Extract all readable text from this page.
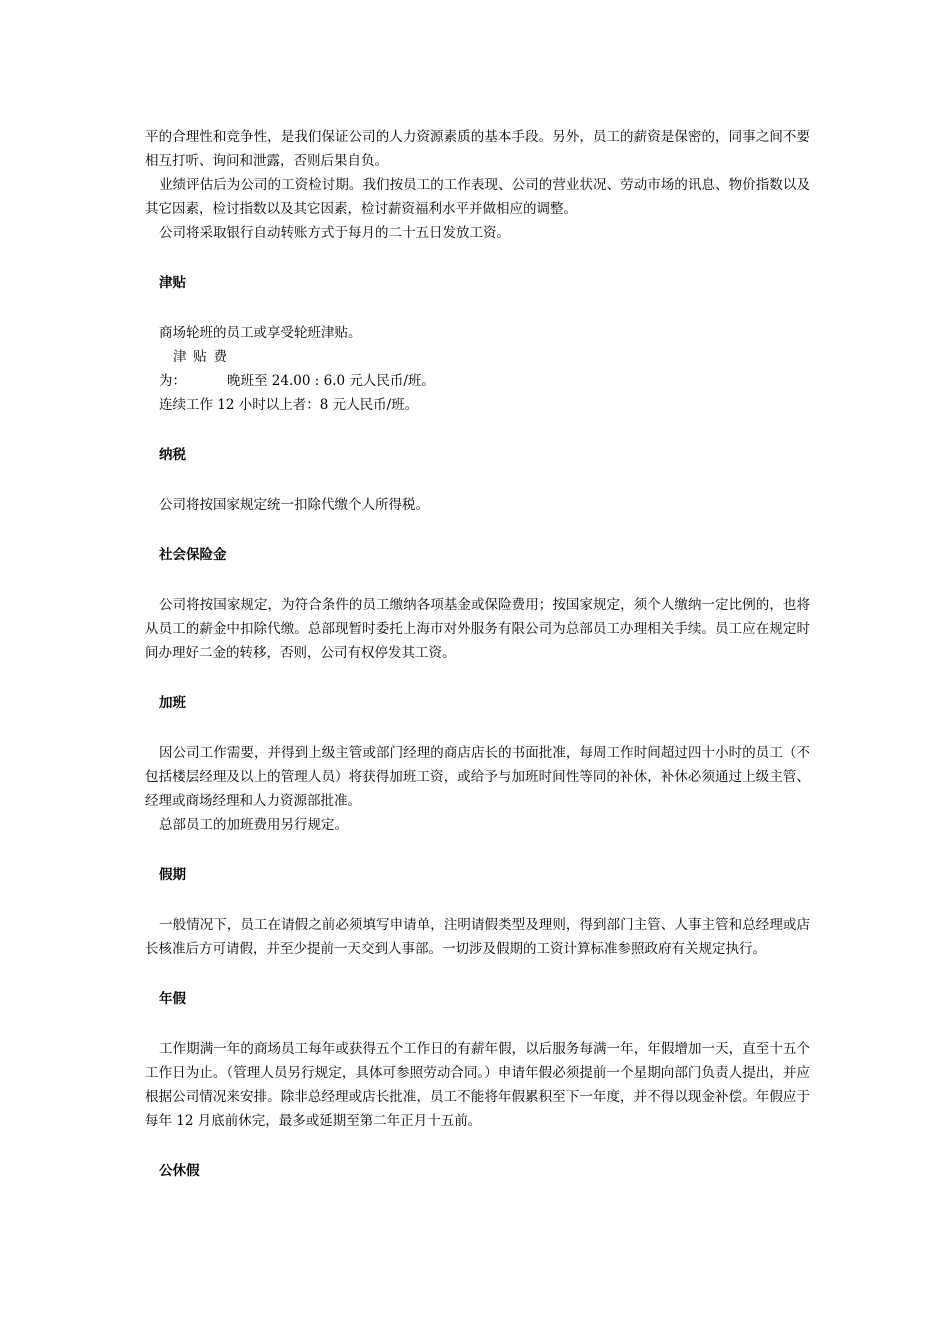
平的合理性和竞争性，是我们保证公司的人力资源素质的基本手段。另外，员工的薪资是保密的，同事之间不要相互打听、询问和泄露，否则后果自负。

业绩评估后为公司的工资检讨期。我们按员工的工作表现、公司的营业状况、劳动市场的讯息、物价指数以及其它因素，检讨指数以及其它因素，检讨薪资福利水平并做相应的调整。

公司将采取银行自动转账方式于每月的二十五日发放工资。

津贴

商场轮班的员工或享受轮班津贴。

津贴费为：	晚班至 24.00 : 6.0 元人民币/班。

连续工作 12 小时以上者：8 元人民币/班。

纳税

公司将按国家规定统一扣除代缴个人所得税。

社会保险金

公司将按国家规定，为符合条件的员工缴纳各项基金或保险费用；按国家规定，须个人缴纳一定比例的，也将从员工的薪金中扣除代缴。总部现暂时委托上海市对外服务有限公司为总部员工办理相关手续。员工应在规定时间办理好二金的转移，否则，公司有权停发其工资。

加班

因公司工作需要，并得到上级主管或部门经理的商店店长的书面批准，每周工作时间超过四十小时的员工（不包括楼层经理及以上的管理人员）将获得加班工资，或给予与加班时间性等同的补休，补休必须通过上级主管、经理或商场经理和人力资源部批准。

总部员工的加班费用另行规定。

假期

一般情况下，员工在请假之前必须填写申请单，注明请假类型及理则，得到部门主管、人事主管和总经理或店长核准后方可请假，并至少提前一天交到人事部。一切涉及假期的工资计算标准参照政府有关规定执行。

年假

工作期满一年的商场员工每年或获得五个工作日的有薪年假，以后服务每满一年，年假增加一天，直至十五个工作日为止。（管理人员另行规定，具体可参照劳动合同。）申请年假必须提前一个星期向部门负责人提出，并应根据公司情况来安排。除非总经理或店长批准，员工不能将年假累积至下一年度，并不得以现金补偿。年假应于每年 12 月底前休完，最多或延期至第二年正月十五前。

公休假
